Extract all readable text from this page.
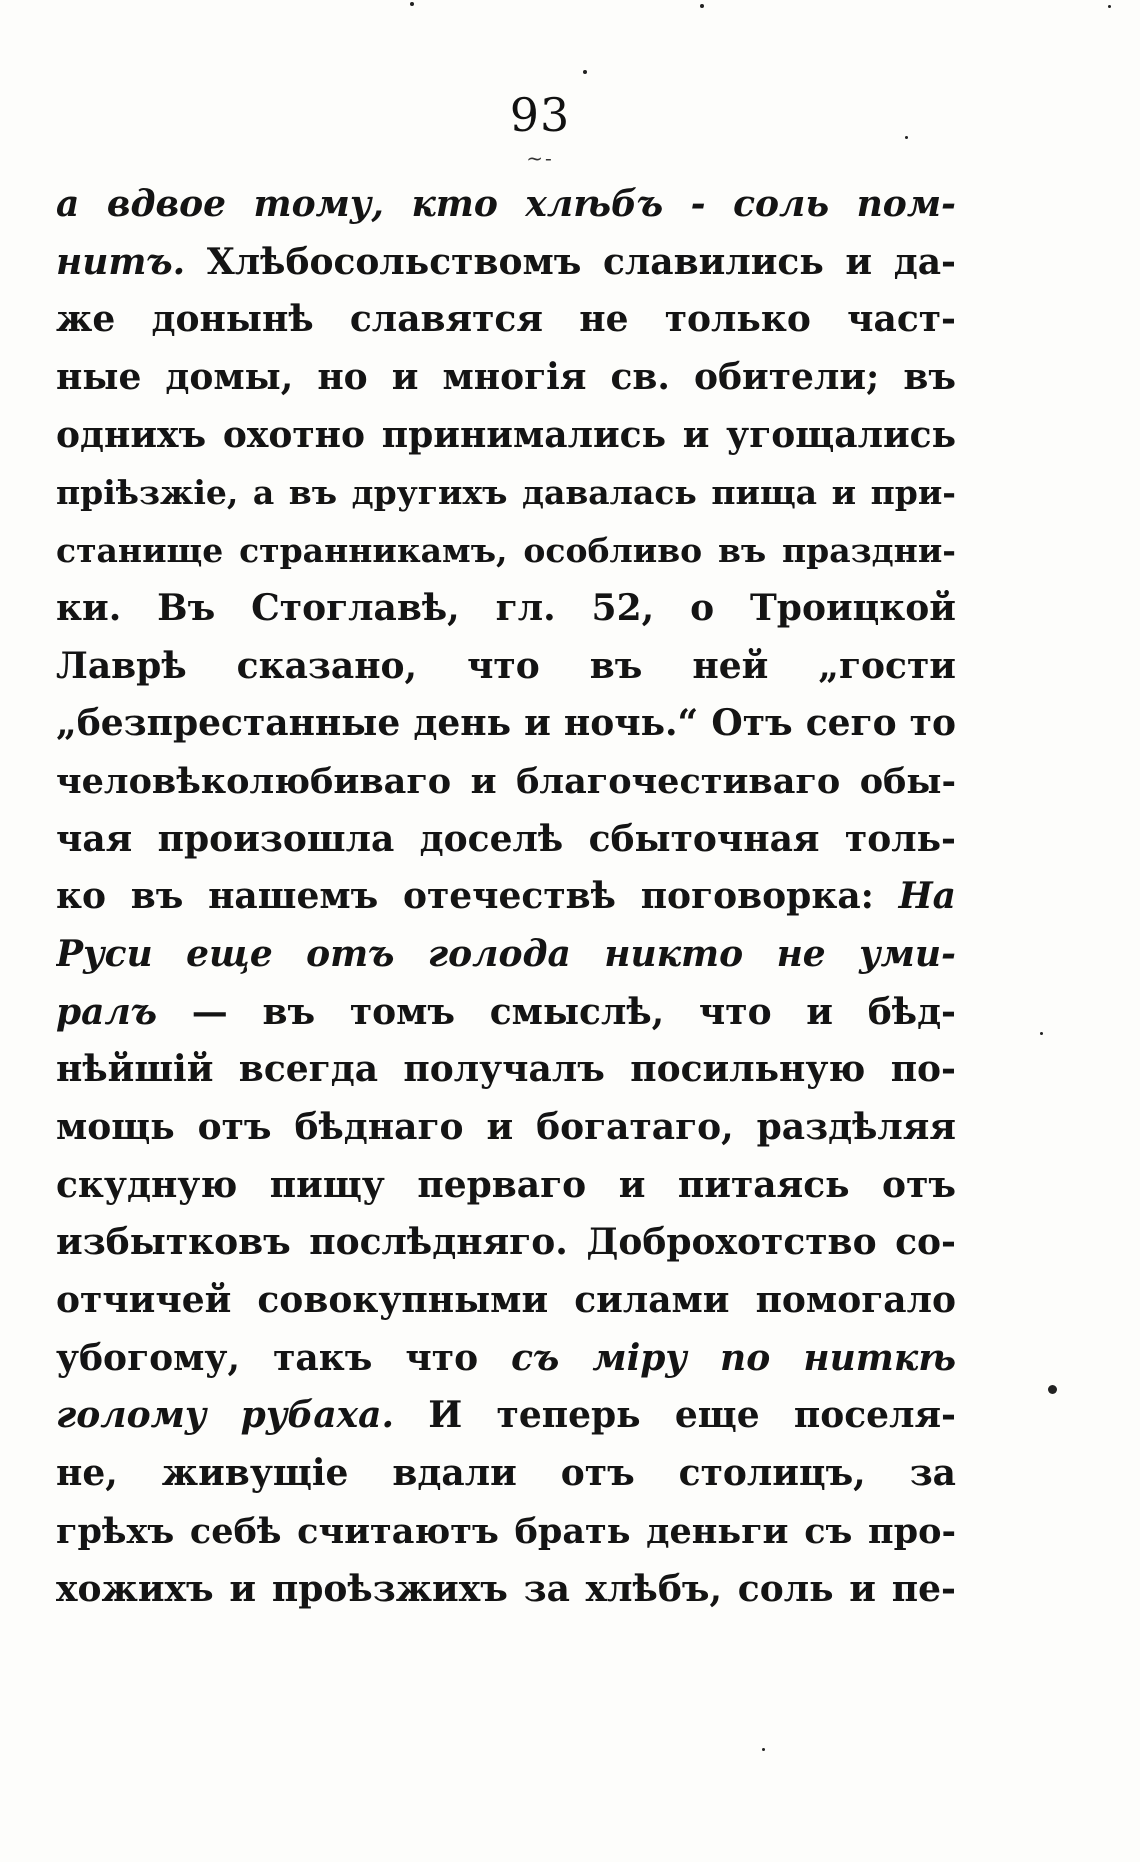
93
~-
а вдвое тому, кто хлѣбъ - соль пом-
нитъ. Хлѣбосольствомъ славились и да-
же донынѣ славятся не только част-
ные домы, но и многія св. обители; въ
однихъ охотно принимались и угощались
пріѣзжіе, а въ другихъ давалась пища и при-
станище странникамъ, особливо въ праздни-
ки. Въ Стоглавѣ, гл. 52, о Троицкой
Лаврѣ сказано, что въ ней „гости
„безпрестанные день и ночь.“ Отъ сего то
человѣколюбиваго и благочестиваго обы-
чая произошла доселѣ сбыточная толь-
ко въ нашемъ отечествѣ поговорка: На
Руси еще отъ голода никто не уми-
ралъ — въ томъ смыслѣ, что и бѣд-
нѣйшій всегда получалъ посильную по-
мощь отъ бѣднаго и богатаго, раздѣляя
скудную пищу перваго и питаясь отъ
избытковъ послѣдняго. Доброхотство со-
отчичей совокупными силами помогало
убогому, такъ что съ міру по ниткѣ
голому рубаха. И теперь еще поселя-
не, живущіе вдали отъ столицъ, за
грѣхъ себѣ считаютъ брать деньги съ про-
хожихъ и проѣзжихъ за хлѣбъ, соль и пе-
